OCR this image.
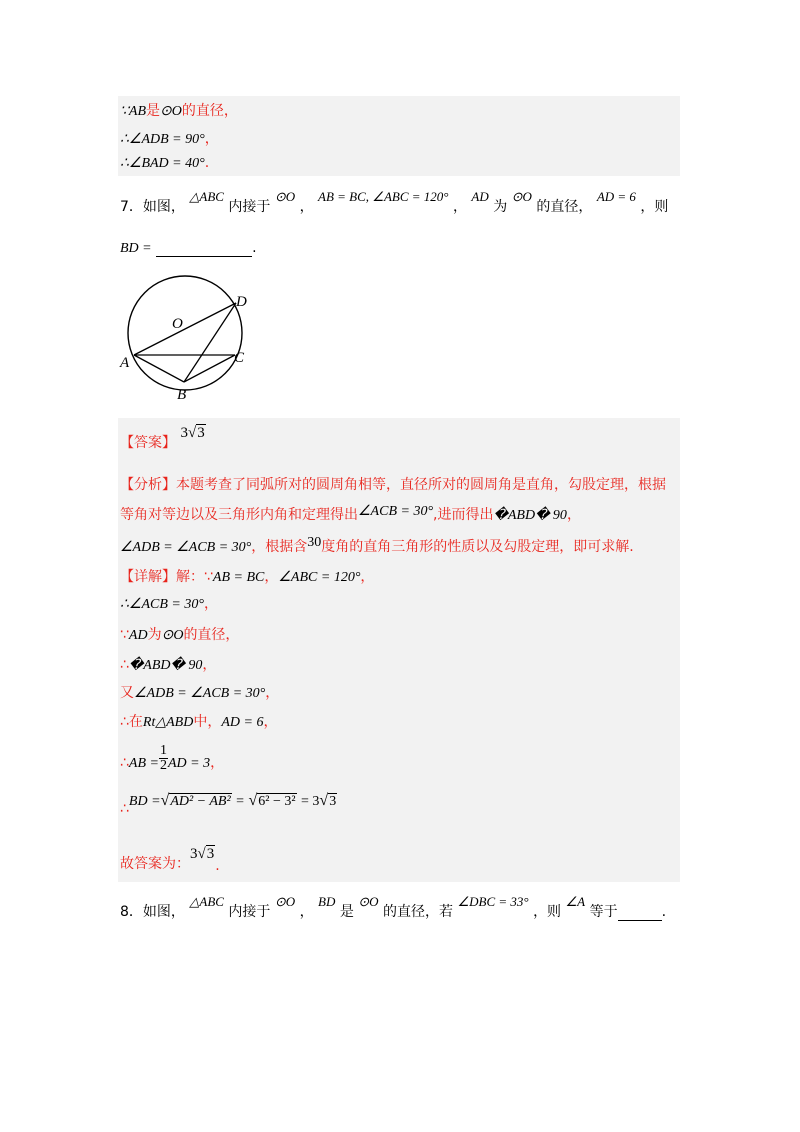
∵AB是⊙O的直径，
∴∠ADB = 90°，
∴∠BAD = 40°.
7．如图， △ABC 内接于 ⊙O ， AB = BC, ∠ABC = 120° ， AD 为 ⊙O 的直径， AD = 6 ，则
BD =	.
O
D
A	C
B
【答案】 3√3
【分析】本题考查了同弧所对的圆周角相等，直径所对的圆周角是直角，勾股定理，根据
等角对等边以及三角形内角和定理得出∠ACB = 30°,进而得出�ABD� 90，
∠ADB = ∠ACB = 30°，根据含30度角的直角三角形的性质以及勾股定理，即可求解.
【详解】解：∵AB = BC，∠ABC = 120°，
∴∠ACB = 30°，
∵AD为⊙O的直径，
∴�ABD� 90，
又∠ADB = ∠ACB = 30°，
∴在Rt△ABD中，AD = 6，
∴AB = $\frac{1}{2}$ AD = 3，
∴BD =√AD² − AB² = √6² − 3² = 3√3
故答案为：3√3.
8．如图， △ABC 内接于 ⊙O ， BD 是 ⊙O 的直径，若 ∠DBC = 33° ，则 ∠A 等于	.
